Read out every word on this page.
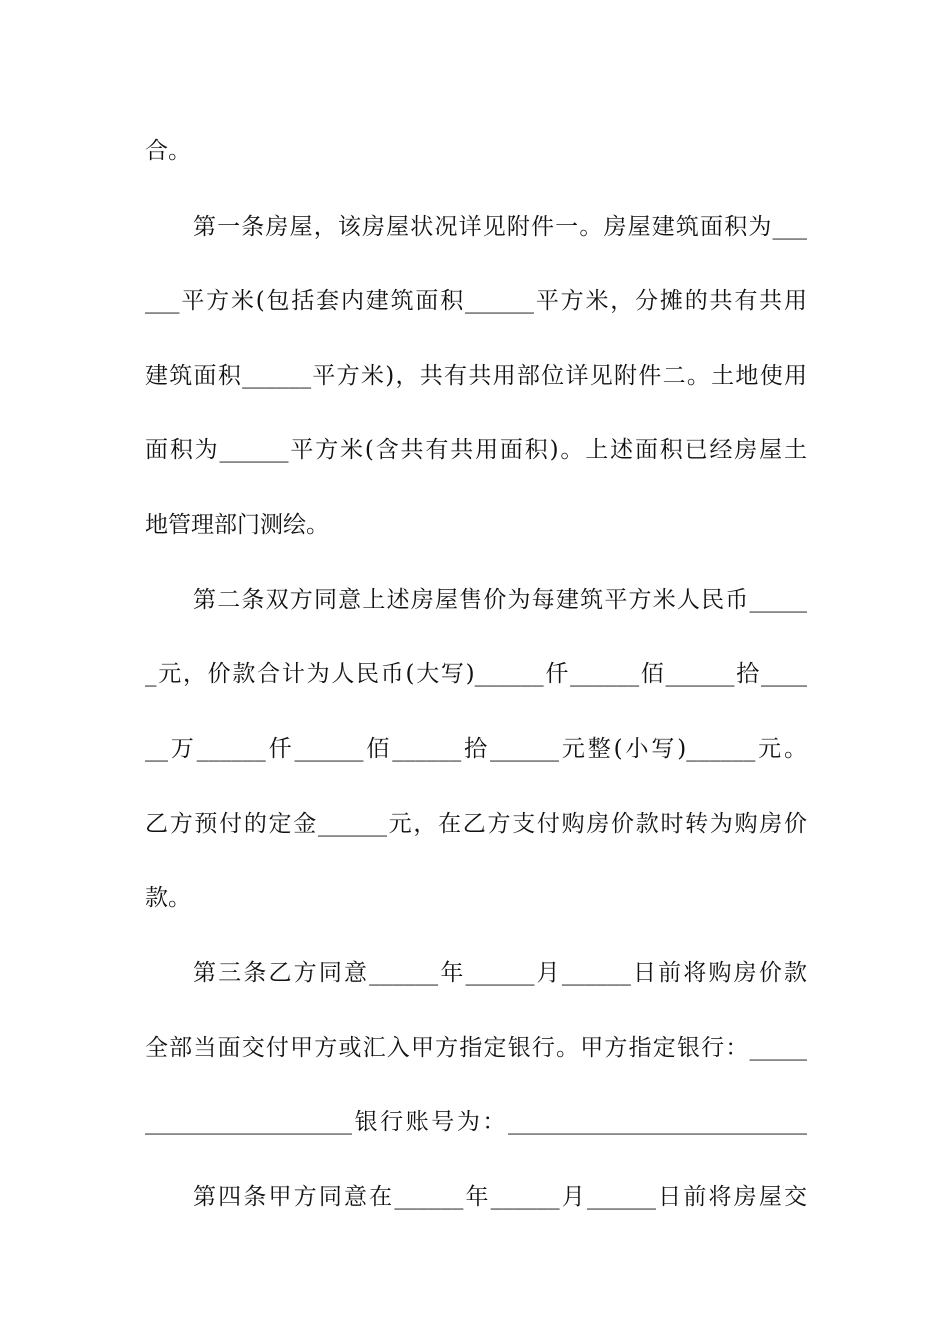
合。
第一条房屋，该房屋状况详见附件一。房屋建筑面积为___
___平方米(包括套内建筑面积______平方米，分摊的共有共用
建筑面积______平方米)，共有共用部位详见附件二。土地使用
面积为______平方米(含共有共用面积)。上述面积已经房屋土
地管理部门测绘。
第二条双方同意上述房屋售价为每建筑平方米人民币_____
_元，价款合计为人民币(大写)______仟______佰______拾____
__万______仟______佰______拾______元整(小写)______元。
乙方预付的定金______元，在乙方支付购房价款时转为购房价
款。
第三条乙方同意______年______月______日前将购房价款
全部当面交付甲方或汇入甲方指定银行。甲方指定银行：_____
__________________银行账号为：__________________________
第四条甲方同意在______年______月______日前将房屋交
